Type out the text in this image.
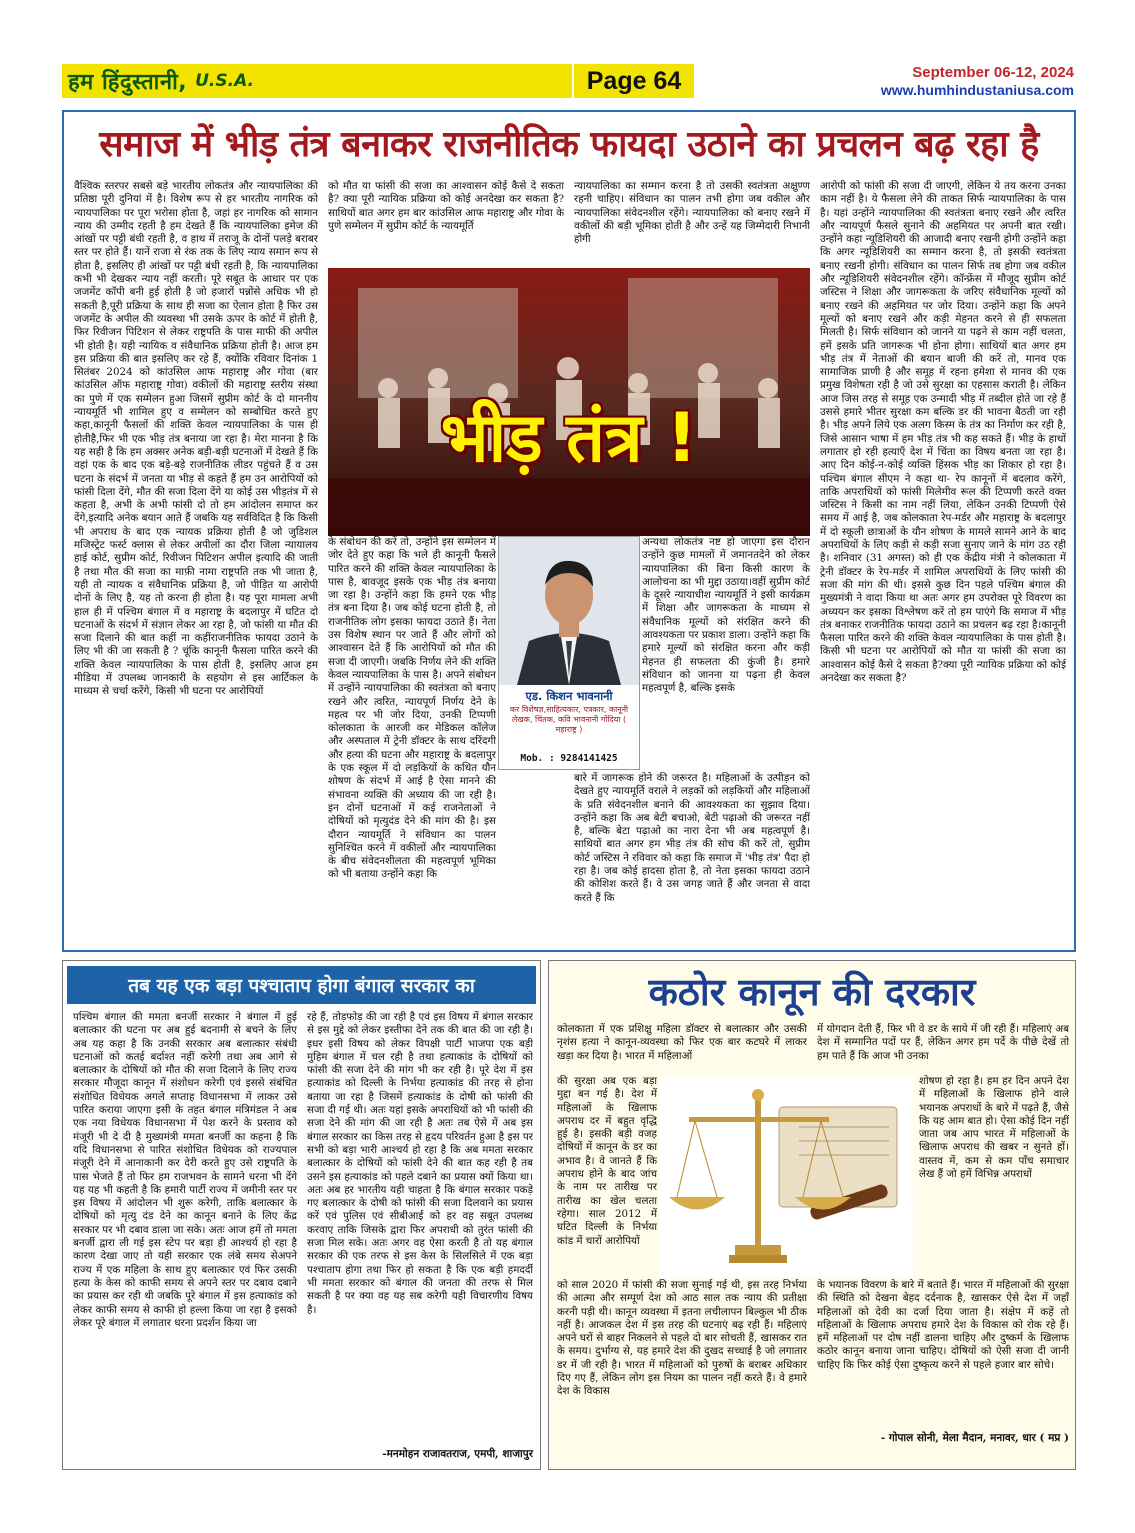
हम हिंदुस्तानी, U.S.A.	Page 64	September 06-12, 2024
www.humhindustaniusa.com
समाज में भीड़ तंत्र बनाकर राजनीतिक फायदा उठाने का प्रचलन बढ़ रहा है

वैश्विक स्तरपर सबसे बड़े भारतीय लोकतंत्र और न्यायपालिका की प्रतिष्ठा पूरी दुनियां में है। विशेष रूप से हर भारतीय नागरिक को न्यायपालिका पर पूरा भरोसा होता है, जहां हर नागरिक को सामान न्याय की उम्मीद रहती है हम देखते हैं कि न्यायपालिका इमेज की आंखों पर पट्टी बंधी रहती है, व हाथ में तराजू के दोनों पलड़े बराबर स्तर पर होते हैं। यानें राजा से रंक तक के लिए न्याय समान रूप से होता है, इसलिए ही आंखों पर पट्टी बंधी रहती है, कि न्यायपालिका कभी भी देखकर न्याय नहीं करती। पूरे सबूत के आधार पर एक जजमेंट कॉपी बनी हुई होती है जो हजारों पन्नोंसे अधिक भी हो सकती है,पूरी प्रक्रिया के साथ ही सजा का ऐलान होता है फिर उस जजमेंट के अपील की व्यवस्था भी उसके ऊपर के कोर्ट में होती है, फिर रिवीजन पिटिशन से लेकर राष्ट्रपति के पास माफी की अपील भी होती है। यही न्यायिक व संवैधानिक प्रक्रिया होती है। आज हम इस प्रक्रिया की बात इसलिए कर रहे हैं, क्योंकि रविवार दिनांक 1 सितंबर 2024 को कांउसिल आफ महाराष्ट्र और गोवा (बार कांउसिल ऑफ महाराष्ट्र गोवा) वकीलों की महाराष्ट्र स्तरीय संस्था का पुणे में एक सम्मेलन हुआ जिसमें सुप्रीम कोर्ट के दो माननीय न्यायमूर्ति भी शामिल हुए व सम्मेलन को सम्बोधित करते हुए कहा,कानूनी फैसलों की शक्ति केवल न्यायपालिका के पास ही होतीहै,फिर भी एक भीड़ तंत्र बनाया जा रहा है। मेरा मानना है कि यह सही है कि हम अक्सर अनेक बड़ी-बड़ी घटनाओं में देखते हैं कि वहां एक के बाद एक बड़े-बड़े राजनीतिक लीडर पहुंचते हैं व उस घटना के संदर्भ में जनता या भीड़ से कहते हैं हम उन आरोपियों को फांसी दिला देंगे, मौत की सजा दिला देंगे या कोई उस भीड़तंत्र में से कहता है, अभी के अभी फांसी दो तो हम आंदोलन समाप्त कर देंगे,इत्यादि अनेक बयान आते हैं जबकि यह सर्वविदित है कि किसी भी अपराध के बाद एक न्यायक प्रक्रिया होती है जो जुडिशल मजिस्ट्रेट फर्स्ट क्लास से लेकर अपीलों का दौरा जिला न्यायालय हाई कोर्ट, सुप्रीम कोर्ट, रिवीजन पिटिशन अपील इत्यादि की जाती है तथा मौत की सजा का माफ़ी नामा राष्ट्रपति तक भी जाता है, यही तो न्यायक व संवैधानिक प्रक्रिया है, जो पीड़ित या आरोपी दोनों के लिए है, यह तो करना ही होता है। यह पूरा मामला अभी हाल ही में पश्चिम बंगाल में व महाराष्ट्र के बदलापुर में घटित दो घटनाओं के संदर्भ में संज्ञान लेकर आ रहा है, जो फांसी या मौत की सजा दिलाने की बात कहीं ना कहींराजनीतिक फायदा उठाने के लिए भी की जा सकती है ? चूंकि कानूनी फैसला पारित करने की शक्ति केवल न्यायपालिका के पास होती है, इसलिए आज हम मीडिया में उपलब्ध जानकारी के सहयोग से इस आर्टिकल के माध्यम से चर्चा करेंगे, किसी भी घटना पर आरोपियों

को मौत या फांसी की सजा का आश्वासन कोई कैसे दे सकता है? क्या पूरी न्यायिक प्रक्रिया को कोई अनदेखा कर सकता है? साथियों बात अगर हम बार कांउसिल आफ महाराष्ट्र और गोवा के पुणे सम्मेलन में सुप्रीम कोर्ट के न्यायमूर्ति

न्यायपालिका का सम्मान करना है तो उसकी स्वतंत्रता अक्षुण्ण रहनी चाहिए। संविधान का पालन तभी होगा जब वकील और न्यायपालिका संवेदनशील रहेंगे। न्यायपालिका को बनाए रखने में वकीलों की बड़ी भूमिका होती है और उन्हें यह जिम्मेदारी निभानी होगी

भीड़ तंत्र !

के संबोधन की करें तो, उन्होंने इस सम्मेलन में जोर देते हुए कहा कि भले ही कानूनी फैसले पारित करने की शक्ति केवल न्यायपालिका के पास है, बावजूद इसके एक भीड़ तंत्र बनाया जा रहा है। उन्होंने कहा कि हमने एक भीड़ तंत्र बना दिया है। जब कोई घटना होती है, तो राजनीतिक लोग इसका फायदा उठाते हैं। नेता उस विशेष स्थान पर जाते हैं और लोगों को आश्वासन देते हैं कि आरोपियों को मौत की सजा दी जाएगी। जबकि निर्णय लेने की शक्ति केवल न्यायपालिका के पास है। अपने संबोधन में उन्होंने न्यायपालिका की स्वतंत्रता को बनाए रखने और त्वरित, न्यायपूर्ण निर्णय देने के महत्व पर भी जोर दिया, उनकी टिप्पणी कोलकाता के आरजी कर मेडिकल कॉलेज और अस्पताल में ट्रेनी डॉक्टर के साथ दरिंदगी और हत्या की घटना और महाराष्ट्र के बदलापुर के एक स्कूल में दो लड़कियों के कथित यौन शोषण के संदर्भ में आई है ऐसा मानने की संभावना व्यक्ति की अध्याय की जा रही है। इन दोनों घटनाओं में कई राजनेताओं ने दोषियों को मृत्युदंड देने की मांग की है। इस दौरान न्यायमूर्ति ने संविधान का पालन सुनिश्चित करने में वकीलों और न्यायपालिका के बीच संवेदनशीलता की महत्वपूर्ण भूमिका को भी बताया उन्होंने कहा कि

एड. किशन भावनानी
कर विशेषज्ञ,साहित्यकार, पत्रकार, कानूनी लेखक, चिंतक, कवि भावनानी गोंदिया ( महाराष्ट्र )
Mob. : 9284141425

अन्यथा लोकतंत्र नष्ट हो जाएगा इस दौरान उन्होंने कुछ मामलों में जमानतदेने को लेकर न्यायपालिका की बिना किसी कारण के आलोचना का भी मुद्दा उठाया।वहीं सुप्रीम कोर्ट के दूसरे न्यायाधीश न्यायमूर्ति ने इसी कार्यक्रम में शिक्षा और जागरूकता के माध्यम से संवैधानिक मूल्यों को संरक्षित करने की आवश्यकता पर प्रकाश डाला। उन्होंने कहा कि हमारे मूल्यों को संरक्षित करना और कड़ी मेहनत ही सफलता की कुंजी है। हमारे संविधान को जानना या पढ़ना ही केवल महत्वपूर्ण है, बल्कि इसके

बारे में जागरूक होने की जरूरत है। महिलाओं के उत्पीड़न को देखते हुए न्यायमूर्ति वराले ने लड़कों को लड़कियों और महिलाओं के प्रति संवेदनशील बनाने की आवश्यकता का सुझाव दिया। उन्होंने कहा कि अब बेटी बचाओ, बेटी पढ़ाओ की जरूरत नहीं है, बल्कि बेटा पढ़ाओ का नारा देना भी अब महत्वपूर्ण है। साथियों बात अगर हम भीड़ तंत्र की सोच की करें तो, सुप्रीम कोर्ट जस्टिस ने रविवार को कहा कि समाज में 'भीड़ तंत्र' पैदा हो रहा है। जब कोई हादसा होता है, तो नेता इसका फायदा उठाने की कोशिश करते हैं। वे उस जगह जाते हैं और जनता से वादा करते हैं कि

आरोपी को फांसी की सजा दी जाएगी, लेकिन ये तय करना उनका काम नहीं है। ये फैसला लेने की ताकत सिर्फ न्यायपालिका के पास है। यहां उन्होंने न्यायपालिका की स्वतंत्रता बनाए रखने और त्वरित और न्यायपूर्ण फैसले सुनाने की अहमियत पर अपनी बात रखी। उन्होंने कहा न्यूडिशियरी की आजादी बनाए रखनी होगी उन्होंने कहा कि अगर न्यूडिशियरी का सम्मान करना है, तो इसकी स्वतंत्रता बनाए रखनी होगी। संविधान का पालन सिर्फ तब होगा जब वकील और न्यूडिशियरी संवेदनशील रहेंगे। कॉन्फ्रेंस में मौजूद सुप्रीम कोर्ट जस्टिस ने शिक्षा और जागरूकता के जरिए संवैधानिक मूल्यों को बनाए रखने की अहमियत पर जोर दिया। उन्होंने कहा कि अपने मूल्यों को बनाए रखने और कड़ी मेहनत करने से ही सफलता मिलती है। सिर्फ संविधान को जानने या पढ़ने से काम नहीं चलता, हमें इसके प्रति जागरूक भी होना होगा। साथियों बात अगर हम भीड़ तंत्र में नेताओं की बयान बाजी की करें तो, मानव एक सामाजिक प्राणी है और समूह में रहना हमेशा से मानव की एक प्रमुख विशेषता रही है जो उसे सुरक्षा का एहसास कराती है। लेकिन आज जिस तरह से समूह एक उन्मादी भीड़ में तब्दील होते जा रहे हैं उससे हमारे भीतर सुरक्षा कम बल्कि डर की भावना बैठती जा रही है। भीड़ अपने लिये एक अलग किस्म के तंत्र का निर्माण कर रही है, जिसे आसान भाषा में हम भीड़ तंत्र भी कह सकते हैं। भीड़ के हाथों लगातार हो रही हत्याएँ देश में चिंता का विषय बनता जा रहा है। आए दिन कोई-न-कोई व्यक्ति हिंसक भीड़ का शिकार हो रहा है। पश्चिम बंगाल सीएम ने कहा था- रेप कानूनों में बदलाव करेंगे, ताकि अपराधियों को फांसी मिलेमीव रूल की टिप्पणी करते वक्त जस्टिस ने किसी का नाम नहीं लिया, लेकिन उनकी टिप्पणी ऐसे समय में आई है, जब कोलकाता रेप-मर्डर और महाराष्ट्र के बदलापुर में दो स्कूली छात्राओं के यौन शोषण के मामले सामने आने के बाद अपराधियों के लिए कड़ी से कड़ी सजा सुनाए जाने के मांग उठ रही है। शनिवार (31 अगस्त) को ही एक केंद्रीय मंत्री ने कोलकाता में ट्रेनी डॉक्टर के रेप-मर्डर में शामिल अपराधियों के लिए फांसी की सजा की मांग की थी। इससे कुछ दिन पहले पश्चिम बंगाल की मुख्यमंत्री ने वादा किया था अतः अगर हम उपरोक्त पूरे विवरण का अध्ययन कर इसका विश्लेषण करें तो हम पाएंगे कि समाज में भीड़ तंत्र बनाकर राजनीतिक फायदा उठाने का प्रचलन बढ़ रहा है।कानूनी फैसला पारित करने की शक्ति केवल न्यायपालिका के पास होती है।किसी भी घटना पर आरोपियों को मौत या फांसी की सजा का आश्वासन कोई कैसे दे सकता है?क्या पूरी न्यायिक प्रक्रिया को कोई अनदेखा कर सकता है?

तब यह एक बड़ा पश्चाताप होगा बंगाल सरकार का

पश्चिम बंगाल की ममता बनर्जी सरकार ने बंगाल में हुई बलात्कार की घटना पर अब हुई बदनामी से बचने के लिए अब यह कहा है कि उनकी सरकार अब बलात्कार संबंधी घटनाओं को कतई बर्दाश्त नहीं करेगी तथा अब आगे से बलात्कार के दोषियों को मौत की सजा दिलाने के लिए राज्य सरकार मौजूदा कानून में संशोधन करेगी एवं इससे संबंधित संशोधित विधेयक अगले सप्ताह विधानसभा में लाकर उसे पारित कराया जाएगा इसी के तहत बंगाल मंत्रिमंडल ने अब एक नया विधेयक विधानसभा में पेश करने के प्रस्ताव को मंजूरी भी दे दी है मुख्यमंत्री ममता बनर्जी का कहना है कि यदि विधानसभा से पारित संशोधित विधेयक को राज्यपाल मंजूरी देने में आनाकानी कर देरी करते हुए उसे राष्ट्रपति के पास भेजते हैं तो फिर हम राजभवन के सामने धरना भी देंगे यह यह भी कहती है कि हमारी पार्टी राज्य में जमीनी स्तर पर इस विषय में आंदोलन भी शुरू करेगी, ताकि बलात्कार के दोषियों को मृत्यु दंड देने का कानून बनाने के लिए केंद्र सरकार पर भी दबाव डाला जा सके। अतः आज हमें तो ममता बनर्जी द्वारा ली गई इस स्टेप पर बड़ा ही आश्चर्य हो रहा है कारण देखा जाए तो यही सरकार एक लंबे समय सेअपने राज्य में एक महिला के साथ हुए बलात्कार एवं फिर उसकी हत्या के केस को काफी समय से अपने स्तर पर दबाव दबाने का प्रयास कर रही थी जबकि पूरे बंगाल में इस हत्याकांड को लेकर काफी समय से काफी हो हल्ला किया जा रहा है इसको लेकर पूरे बंगाल में लगातार धरना प्रदर्शन किया जा

रहे हैं, तोड़फोड़ की जा रही है एवं इस विषय में बंगाल सरकार से इस मुद्दे को लेकर इस्तीफा देने तक की बात की जा रही है। इधर इसी विषय को लेकर विपक्षी पार्टी भाजपा एक बड़ी मुहिम बंगाल में चल रही है तथा हत्याकांड के दोषियों को फांसी की सजा देने की मांग भी कर रही है। पूरे देश में इस हत्याकांड को दिल्ली के निर्भया हत्याकांड की तरह से होना बताया जा रहा है जिसमें हत्याकांड के दोषी को फांसी की सजा दी गई थी। अतः यहां इसके अपराधियों को भी फांसी की सजा देने की मांग की जा रही है अतः तब ऐसे में अब इस बंगाल सरकार का किस तरह से हृदय परिवर्तन हुआ है इस पर सभी को बड़ा भारी आश्चर्य हो रहा है कि अब ममता सरकार बलात्कार के दोषियों को फांसी देने की बात कह रही है तब उसने इस हत्याकांड को पहले दबाने का प्रयास क्यों किया था। अतः अब हर भारतीय यही चाहता है कि बंगाल सरकार पकड़े गए बलात्कार के दोषी को फांसी की सजा दिलवाने का प्रयास करें एवं पुलिस एवं सीबीआई को हर वह सबूत उपलब्ध करवाए ताकि जिसके द्वारा फिर अपराधी को तुरंत फांसी की सजा मिल सके। अतः अगर वह ऐसा करती है तो यह बंगाल सरकार की एक तरफ से इस केस के सिलसिले में एक बड़ा पश्चाताप होगा तथा फिर हो सकता है कि एक बड़ी हमदर्दी भी ममता सरकार को बंगाल की जनता की तरफ से मिल सकती है पर क्या वह यह सब करेगी यही विचारणीय विषय है।

-मनमोहन राजावतराज, एमपी, शाजापुर
कठोर कानून की दरकार

कोलकाता में एक प्रशिक्षु महिला डॉक्टर से बलात्कार और उसकी नृशंस हत्या ने कानून-व्यवस्था को फिर एक बार कटघरे में लाकर खड़ा कर दिया है। भारत में महिलाओं

की सुरक्षा अब एक बड़ा मुद्दा बन गई है। देश में महिलाओं के खिलाफ अपराध दर में बहुत वृद्धि हुई है। इसकी बड़ी वजह दोषियों में कानून के डर का अभाव है। वे जानते हैं कि अपराध होने के बाद जांच के नाम पर तारीख पर तारीख का खेल चलता रहेगा। साल 2012 में घटित दिल्ली के निर्भया कांड में चारों आरोपियों

में योगदान देती हैं, फिर भी वे डर के साये में जी रही हैं। महिलाएं अब देश में सम्मानित पदों पर हैं, लेकिन अगर हम पर्दे के पीछे देखें तो हम पाते हैं कि आज भी उनका

शोषण हो रहा है। हम हर दिन अपने देश में महिलाओं के खिलाफ होने वाले भयानक अपराधों के बारे में पढ़ते हैं, जैसे कि यह आम बात हो। ऐसा कोई दिन नहीं जाता जब आप भारत में महिलाओं के खिलाफ अपराध की खबर न सुनते हों। वास्तव में, कम से कम पाँच समाचार लेख हैं जो हमें विभिन्न अपराधों

को साल 2020 में फांसी की सजा सुनाई गई थी, इस तरह निर्भया की आत्मा और सम्पूर्ण देश को आठ साल तक न्याय की प्रतीक्षा करनी पड़ी थी। कानून व्यवस्था में इतना लचीलापन बिल्कुल भी ठीक नहीं है। आजकल देश में इस तरह की घटनाएं बढ़ रही हैं। महिलाएं अपने घरों से बाहर निकलने से पहले दो बार सोचती हैं, खासकर रात के समय। दुर्भाग्य से, यह हमारे देश की दुखद सच्चाई है जो लगातार डर में जी रही है। भारत में महिलाओं को पुरुषों के बराबर अधिकार दिए गए हैं, लेकिन लोग इस नियम का पालन नहीं करते हैं। वे हमारे देश के विकास

के भयानक विवरण के बारे में बताते हैं। भारत में महिलाओं की सुरक्षा की स्थिति को देखना बेहद दर्दनाक है, खासकर ऐसे देश में जहाँ महिलाओं को देवी का दर्जा दिया जाता है। संक्षेप में कहें तो महिलाओं के खिलाफ अपराध हमारे देश के विकास को रोक रहे हैं। हमें महिलाओं पर दोष नहीं डालना चाहिए और दुष्कर्म के खिलाफ कठोर कानून बनाया जाना चाहिए। दोषियों को ऐसी सजा दी जानी चाहिए कि फिर कोई ऐसा दुष्कृत्य करने से पहले हजार बार सोचे।

- गोपाल सोनी, मेला मैदान, मनावर, धार ( मप्र )
